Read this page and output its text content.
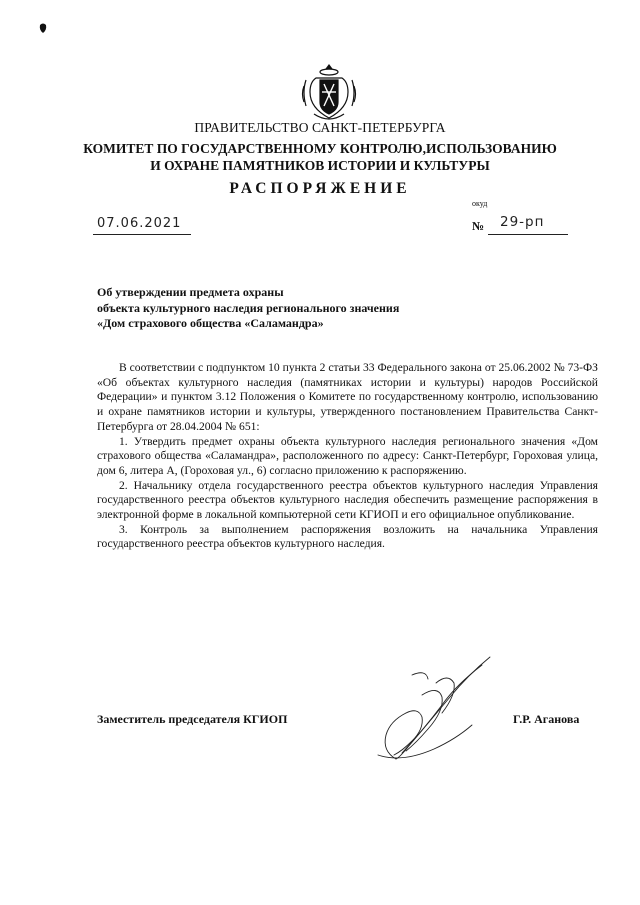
ПРАВИТЕЛЬСТВО САНКТ-ПЕТЕРБУРГА
КОМИТЕТ ПО ГОСУДАРСТВЕННОМУ КОНТРОЛЮ,ИСПОЛЬЗОВАНИЮ
И ОХРАНЕ ПАМЯТНИКОВ ИСТОРИИ И КУЛЬТУРЫ
РАСПОРЯЖЕНИЕ
окуд
07.06.2021	№ 29-рп
Об утверждении предмета охраны
объекта культурного наследия регионального значения
«Дом страхового общества «Саламандра»

В соответствии с подпунктом 10 пункта 2 статьи 33 Федерального закона от 25.06.2002 № 73-ФЗ «Об объектах культурного наследия (памятниках истории и культуры) народов Российской Федерации» и пунктом 3.12 Положения о Комитете по государственному контролю, использованию и охране памятников истории и культуры, утвержденного постановлением Правительства Санкт-Петербурга от 28.04.2004 № 651:

1. Утвердить предмет охраны объекта культурного наследия регионального значения «Дом страхового общества «Саламандра», расположенного по адресу: Санкт-Петербург, Гороховая улица, дом 6, литера А, (Гороховая ул., 6) согласно приложению к распоряжению.

2. Начальнику отдела государственного реестра объектов культурного наследия Управления государственного реестра объектов культурного наследия обеспечить размещение распоряжения в электронной форме в локальной компьютерной сети КГИОП и его официальное опубликование.

3. Контроль за выполнением распоряжения возложить на начальника Управления государственного реестра объектов культурного наследия.

Заместитель председателя КГИОП	Г.Р. Аганова
